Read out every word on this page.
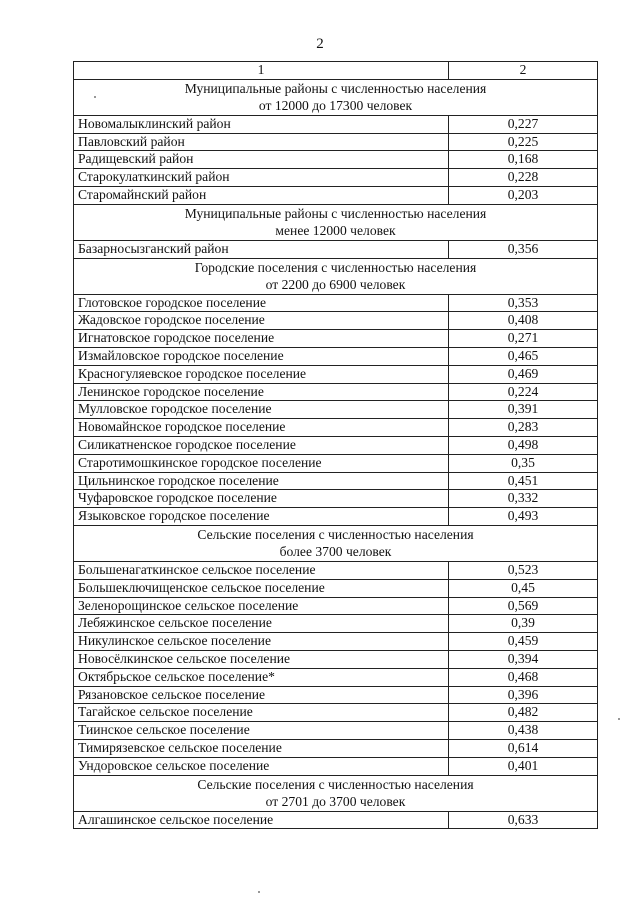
2
1	2

Муниципальные районы с численностью населения
от 12000 до 17300 человек	

Новомалыклинский район	0,227
Павловский район	0,225
Радищевский район	0,168
Старокулаткинский район	0,228
Старомайнский район	0,203

Муниципальные районы с численностью населения
менее 12000 человек	

Базарносызганский район	0,356

Городские поселения с численностью населения
от 2200 до 6900 человек	

Глотовское городское поселение	0,353
Жадовское городское поселение	0,408
Игнатовское городское поселение	0,271
Измайловское городское поселение	0,465
Красногуляевское городское поселение	0,469
Ленинское городское поселение	0,224
Мулловское городское поселение	0,391
Новомайнское городское поселение	0,283
Силикатненское городское поселение	0,498
Старотимошкинское городское поселение	0,35
Цильнинское городское поселение	0,451
Чуфаровское городское поселение	0,332
Языковское городское поселение	0,493

Сельские поселения с численностью населения
более 3700 человек	

Большенагаткинское сельское поселение	0,523
Большеключищенское сельское поселение	0,45
Зеленорощинское сельское поселение	0,569
Лебяжинское сельское поселение	0,39
Никулинское сельское поселение	0,459
Новосёлкинское сельское поселение	0,394
Октябрьское сельское поселение*	0,468
Рязановское сельское поселение	0,396
Тагайское сельское поселение	0,482
Тиинское сельское поселение	0,438
Тимирязевское сельское поселение	0,614
Ундоровское сельское поселение	0,401

Сельские поселения с численностью населения
от 2701 до 3700 человек	

Алгашинское сельское поселение	0,633
